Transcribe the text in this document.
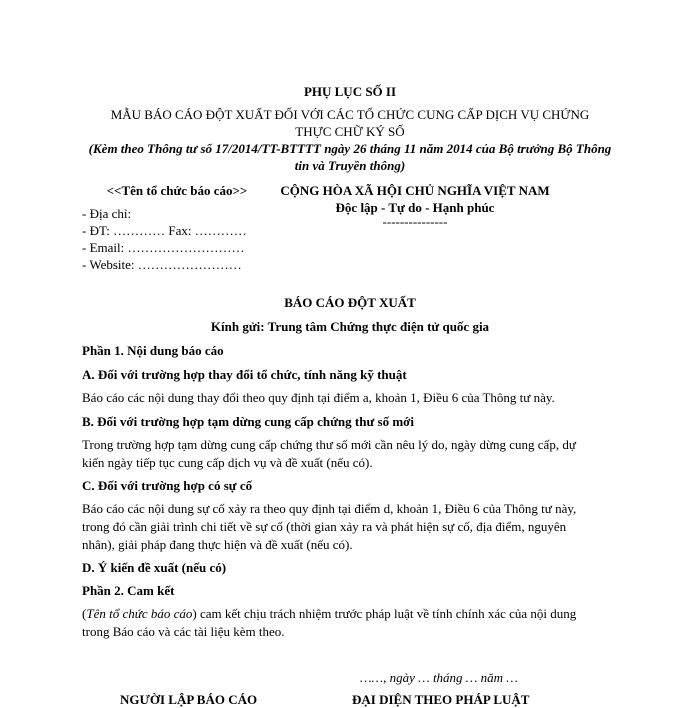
PHỤ LỤC SỐ II
MẪU BÁO CÁO ĐỘT XUẤT ĐỐI VỚI CÁC TỔ CHỨC CUNG CẤP DỊCH VỤ CHỨNG
THỰC CHỮ KÝ SỐ
(Kèm theo Thông tư số 17/2014/TT-BTTTT ngày 26 tháng 11 năm 2014 của Bộ trưởng Bộ Thông
tin và Truyền thông)
<<Tên tổ chức báo cáo>>
- Địa chỉ:
- ĐT: ………… Fax: …………
- Email: ………………………
- Website: ……………………
CỘNG HÒA XÃ HỘI CHỦ NGHĨA VIỆT NAM
Độc lập - Tự do - Hạnh phúc
---------------
BÁO CÁO ĐỘT XUẤT
Kính gửi: Trung tâm Chứng thực điện tử quốc gia
Phần 1. Nội dung báo cáo
A. Đối với trường hợp thay đổi tổ chức, tính năng kỹ thuật
Báo cáo các nội dung thay đổi theo quy định tại điểm a, khoản 1, Điều 6 của Thông tư này.
B. Đối với trường hợp tạm dừng cung cấp chứng thư số mới
Trong trường hợp tạm dừng cung cấp chứng thư số mới cần nêu lý do, ngày dừng cung cấp, dự
kiến ngày tiếp tục cung cấp dịch vụ và đề xuất (nếu có).
C. Đối với trường hợp có sự cố
Báo cáo các nội dung sự cố xảy ra theo quy định tại điểm d, khoản 1, Điều 6 của Thông tư này,
trong đó cần giải trình chi tiết về sự cố (thời gian xảy ra và phát hiện sự cố, địa điểm, nguyên
nhân), giải pháp đang thực hiện và đề xuất (nếu có).
D. Ý kiến đề xuất (nếu có)
Phần 2. Cam kết
(Tên tổ chức báo cáo) cam kết chịu trách nhiệm trước pháp luật về tính chính xác của nội dung
trong Báo cáo và các tài liệu kèm theo.
……, ngày … tháng … năm …
NGƯỜI LẬP BÁO CÁO	ĐẠI DIỆN THEO PHÁP LUẬT
